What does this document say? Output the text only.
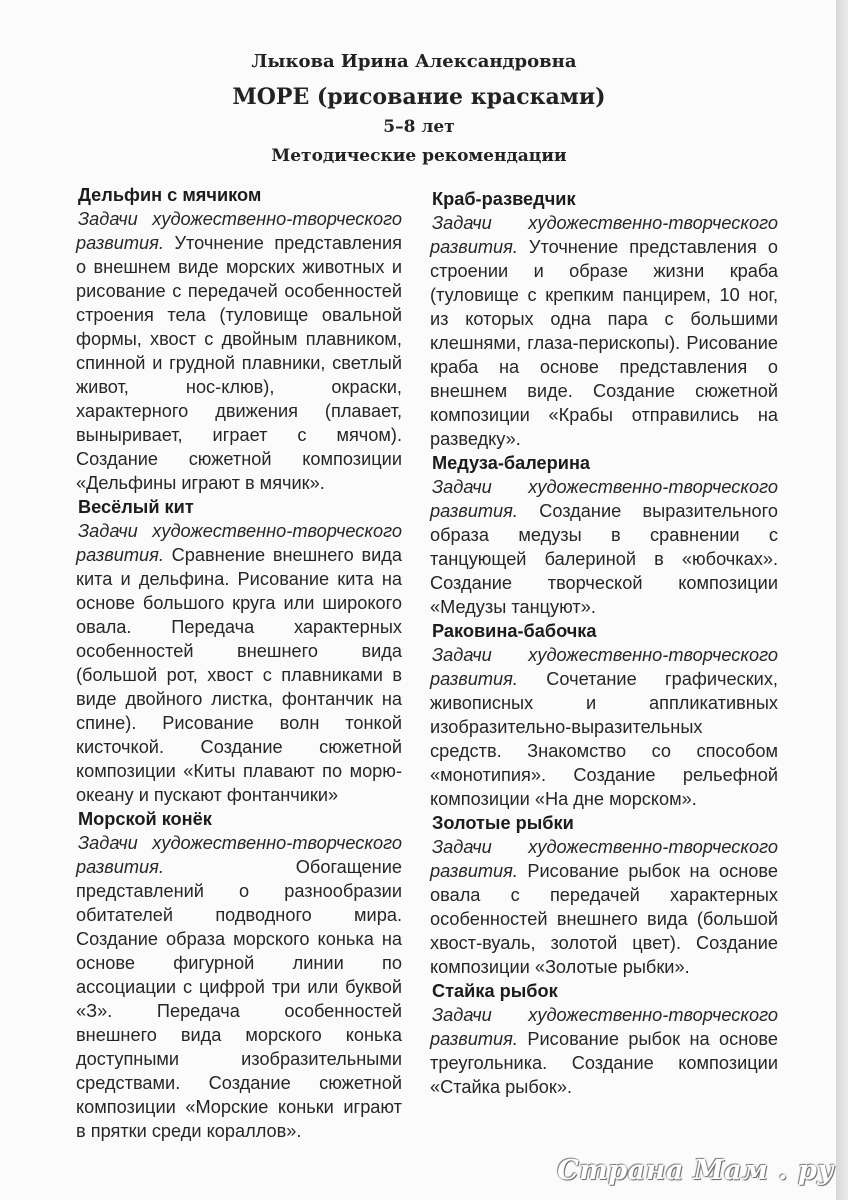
Лыкова Ирина Александровна
МОРЕ (рисование красками)
5–8 лет
Методические рекомендации
Дельфин с мячиком
Задачи художественно-творческого развития. Уточнение представления о внешнем виде морских животных и рисование с передачей особенностей строения тела (туловище овальной формы, хвост с двойным плавником, спинной и грудной плавники, светлый живот, нос-клюв), окраски, характерного движения (плавает, выныривает, играет с мячом). Создание сюжетной композиции «Дельфины играют в мячик».
Весёлый кит
Задачи художественно-творческого развития. Сравнение внешнего вида кита и дельфина. Рисование кита на основе большого круга или широкого овала. Передача характерных особенностей внешнего вида (большой рот, хвост с плавниками в виде двойного листка, фонтанчик на спине). Рисование волн тонкой кисточкой. Создание сюжетной композиции «Киты плавают по морю-океану и пускают фонтанчики»
Морской конёк
Задачи художественно-творческого развития.	Обогащение представлений о разнообразии обитателей подводного мира. Создание образа морского конька на основе фигурной линии по ассоциации с цифрой три или буквой «З». Передача особенностей внешнего вида морского конька доступными изобразительными средствами. Создание сюжетной композиции «Морские коньки играют в прятки среди кораллов».
Краб-разведчик
Задачи художественно-творческого развития. Уточнение представления о строении и образе жизни краба (туловище с крепким панцирем, 10 ног, из которых одна пара с большими клешнями, глаза-перископы). Рисование краба на основе представления о внешнем виде. Создание сюжетной композиции «Крабы отправились на разведку».
Медуза-балерина
Задачи художественно-творческого развития. Создание выразительного образа медузы в сравнении с танцующей балериной в «юбочках». Создание творческой композиции «Медузы танцуют».
Раковина-бабочка
Задачи художественно-творческого развития. Сочетание графических, живописных и аппликативных изобразительно-выразительных средств. Знакомство со способом «монотипия». Создание рельефной композиции «На дне морском».
Золотые рыбки
Задачи художественно-творческого развития. Рисование рыбок на основе овала с передачей характерных особенностей внешнего вида (большой хвост-вуаль, золотой цвет). Создание композиции «Золотые рыбки».
Стайка рыбок
Задачи художественно-творческого развития. Рисование рыбок на основе треугольника. Создание композиции «Стайка рыбок».
Страна Мам . ру
